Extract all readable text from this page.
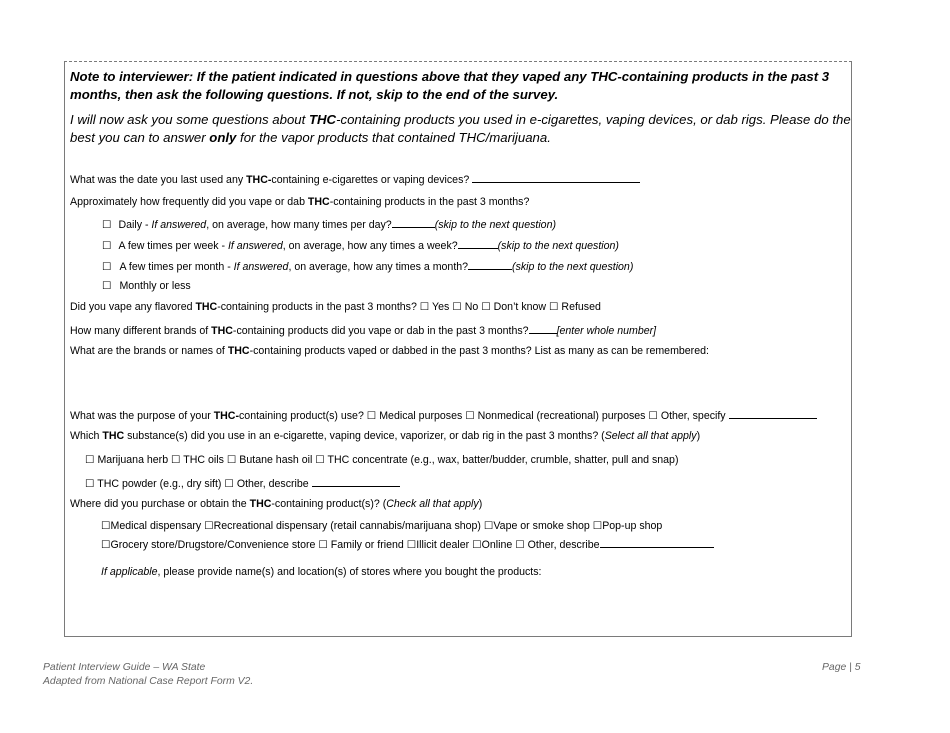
Note to interviewer: If the patient indicated in questions above that they vaped any THC-containing products in the past 3
months, then ask the following questions. If not, skip to the end of the survey.
I will now ask you some questions about THC-containing products you used in e-cigarettes, vaping devices, or dab rigs. Please do the
best you can to answer only for the vapor products that contained THC/marijuana.
What was the date you last used any THC-containing e-cigarettes or vaping devices?
Approximately how frequently did you vape or dab THC-containing products in the past 3 months?
☐ Daily - If answered, on average, how many times per day?	(skip to the next question)
☐ A few times per week - If answered, on average, how any times a week?	(skip to the next question)
☐ A few times per month - If answered, on average, how any times a month?	(skip to the next question)
☐ Monthly or less
Did you vape any flavored THC-containing products in the past 3 months? ☐ Yes ☐ No ☐ Don’t know ☐ Refused
How many different brands of THC-containing products did you vape or dab in the past 3 months?	[enter whole number]
What are the brands or names of THC-containing products vaped or dabbed in the past 3 months? List as many as can be remembered:
What was the purpose of your THC-containing product(s) use? ☐ Medical purposes ☐ Nonmedical (recreational) purposes ☐ Other, specify
Which THC substance(s) did you use in an e-cigarette, vaping device, vaporizer, or dab rig in the past 3 months? (Select all that apply)
☐ Marijuana herb ☐ THC oils ☐ Butane hash oil ☐ THC concentrate (e.g., wax, batter/budder, crumble, shatter, pull and snap)
☐ THC powder (e.g., dry sift) ☐ Other, describe
Where did you purchase or obtain the THC-containing product(s)? (Check all that apply)
☐Medical dispensary ☐Recreational dispensary (retail cannabis/marijuana shop) ☐Vape or smoke shop ☐Pop-up shop
☐Grocery store/Drugstore/Convenience store ☐ Family or friend ☐Illicit dealer ☐Online ☐ Other, describe
If applicable, please provide name(s) and location(s) of stores where you bought the products:
Patient Interview Guide – WA State
Adapted from National Case Report Form V2.
Page | 5
